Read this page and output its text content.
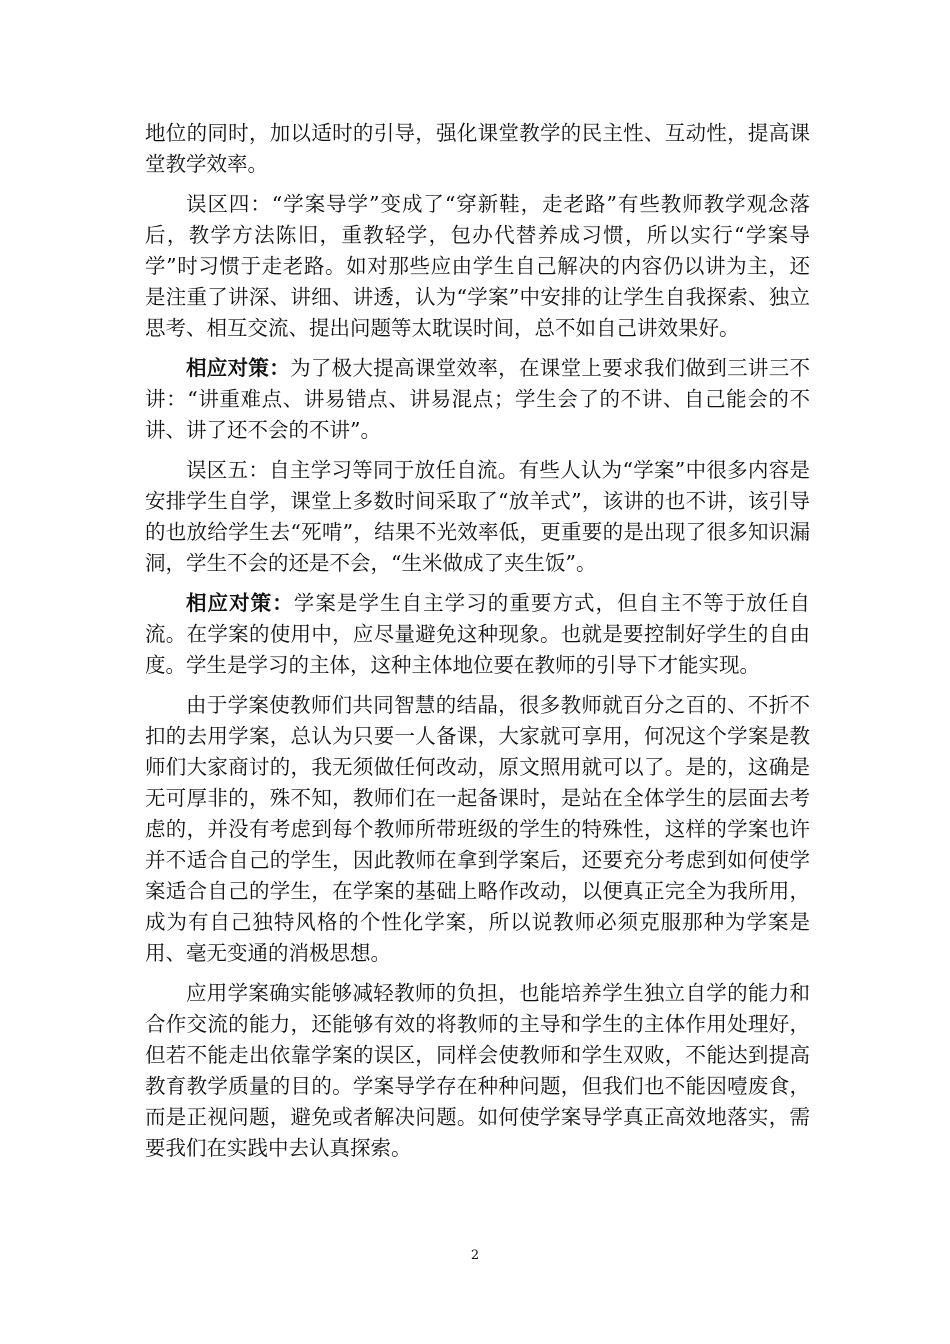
地位的同时，加以适时的引导，强化课堂教学的民主性、互动性，提高课堂教学效率。

误区四：“学案导学”变成了“穿新鞋，走老路”有些教师教学观念落后，教学方法陈旧，重教轻学，包办代替养成习惯，所以实行“学案导学”时习惯于走老路。如对那些应由学生自己解决的内容仍以讲为主，还是注重了讲深、讲细、讲透，认为“学案”中安排的让学生自我探索、独立思考、相互交流、提出问题等太耽误时间，总不如自己讲效果好。

相应对策：为了极大提高课堂效率，在课堂上要求我们做到三讲三不讲：“讲重难点、讲易错点、讲易混点；学生会了的不讲、自己能会的不讲、讲了还不会的不讲”。

误区五：自主学习等同于放任自流。有些人认为“学案”中很多内容是安排学生自学，课堂上多数时间采取了“放羊式”，该讲的也不讲，该引导的也放给学生去“死啃”，结果不光效率低，更重要的是出现了很多知识漏洞，学生不会的还是不会，“生米做成了夹生饭”。

相应对策：学案是学生自主学习的重要方式，但自主不等于放任自流。在学案的使用中，应尽量避免这种现象。也就是要控制好学生的自由度。学生是学习的主体，这种主体地位要在教师的引导下才能实现。

由于学案使教师们共同智慧的结晶，很多教师就百分之百的、不折不扣的去用学案，总认为只要一人备课，大家就可享用，何况这个学案是教师们大家商讨的，我无须做任何改动，原文照用就可以了。是的，这确是无可厚非的，殊不知，教师们在一起备课时，是站在全体学生的层面去考虑的，并没有考虑到每个教师所带班级的学生的特殊性，这样的学案也许并不适合自己的学生，因此教师在拿到学案后，还要充分考虑到如何使学案适合自己的学生，在学案的基础上略作改动，以便真正完全为我所用，成为有自己独特风格的个性化学案，所以说教师必须克服那种为学案是用、毫无变通的消极思想。

应用学案确实能够减轻教师的负担，也能培养学生独立自学的能力和合作交流的能力，还能够有效的将教师的主导和学生的主体作用处理好，但若不能走出依靠学案的误区，同样会使教师和学生双败，不能达到提高教育教学质量的目的。学案导学存在种种问题，但我们也不能因噎废食，而是正视问题，避免或者解决问题。如何使学案导学真正高效地落实，需要我们在实践中去认真探索。

2
